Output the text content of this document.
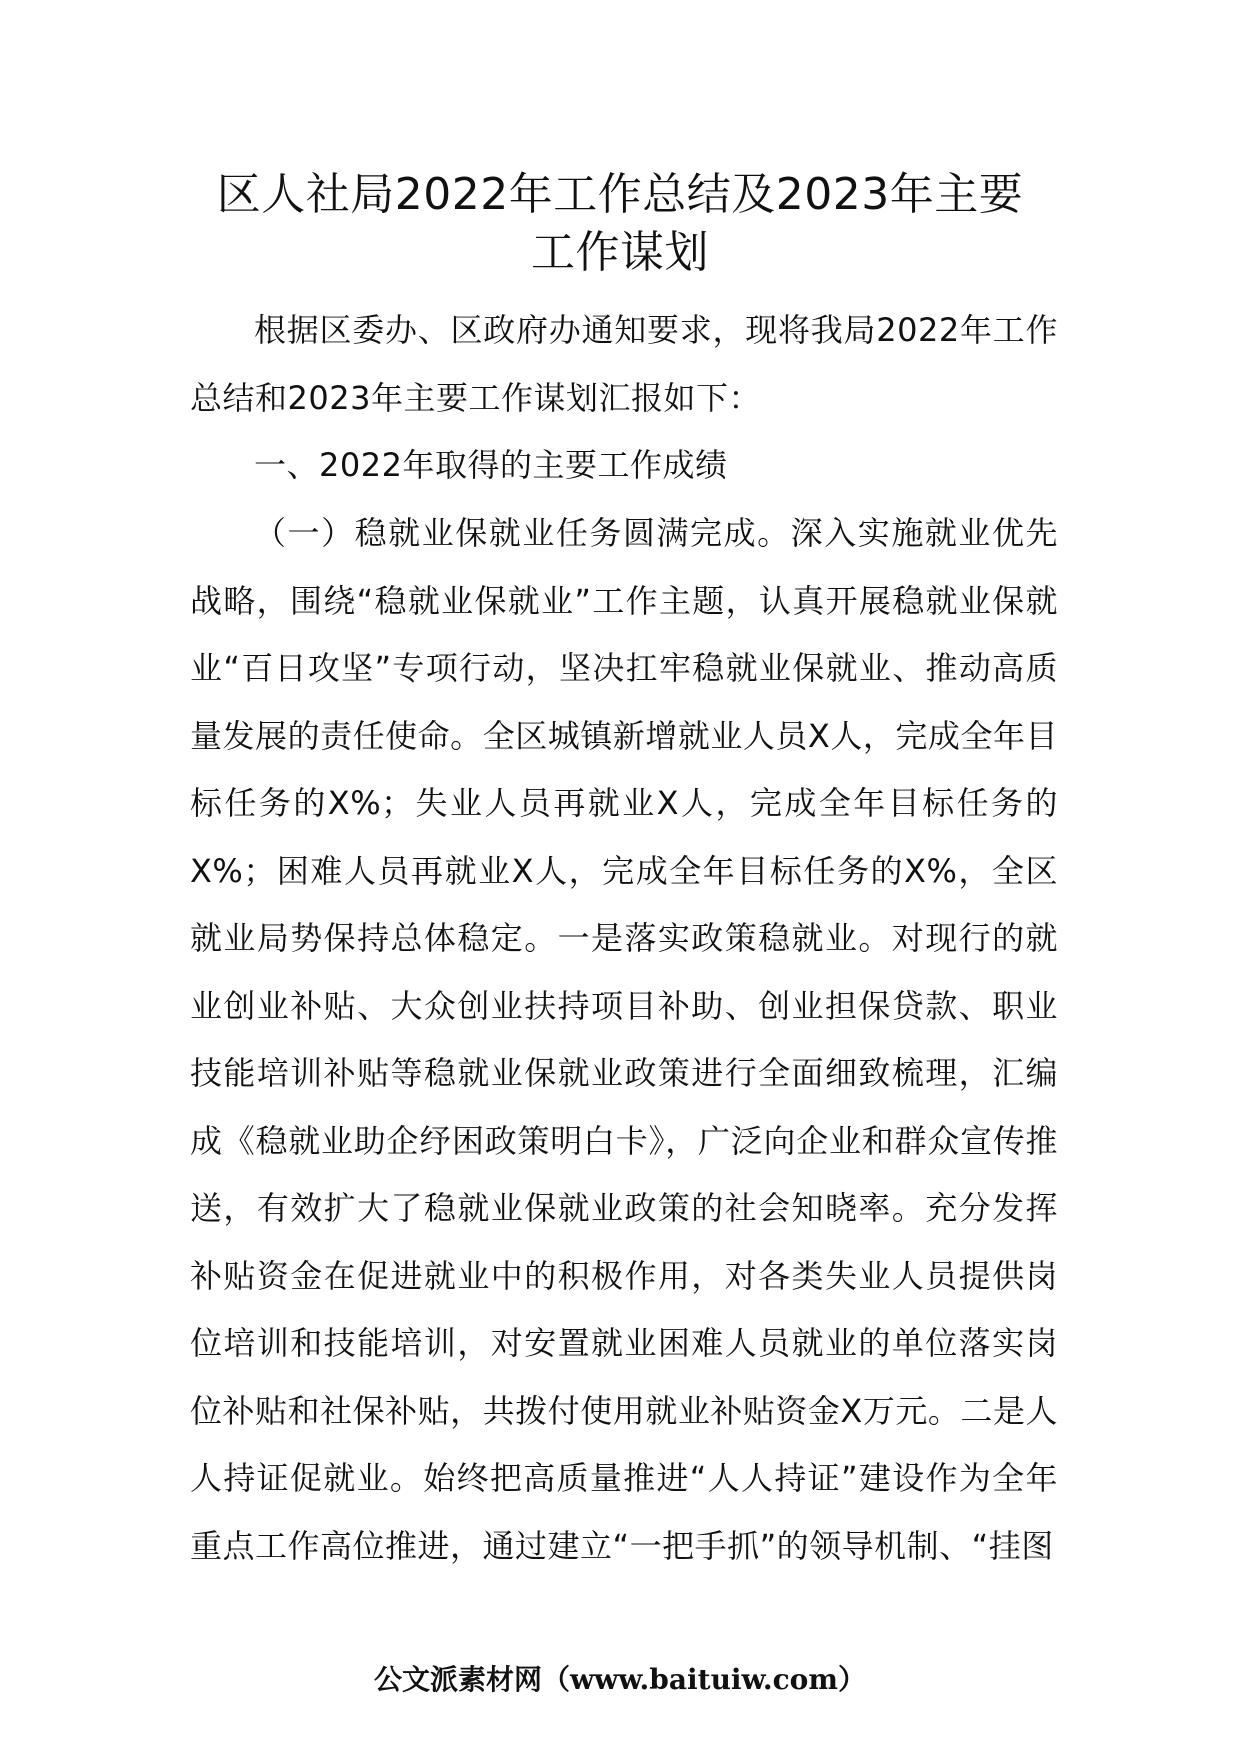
区人社局2022年工作总结及2023年主要
工作谋划

根据区委办、区政府办通知要求，现将我局2022年工作总结和2023年主要工作谋划汇报如下：

一、2022年取得的主要工作成绩

（一）稳就业保就业任务圆满完成。深入实施就业优先战略，围绕“稳就业保就业”工作主题，认真开展稳就业保就业“百日攻坚”专项行动，坚决扛牢稳就业保就业、推动高质量发展的责任使命。全区城镇新增就业人员X人，完成全年目标任务的X%；失业人员再就业X人，完成全年目标任务的X%；困难人员再就业X人，完成全年目标任务的X%，全区就业局势保持总体稳定。一是落实政策稳就业。对现行的就业创业补贴、大众创业扶持项目补助、创业担保贷款、职业技能培训补贴等稳就业保就业政策进行全面细致梳理，汇编成《稳就业助企纾困政策明白卡》，广泛向企业和群众宣传推送，有效扩大了稳就业保就业政策的社会知晓率。充分发挥补贴资金在促进就业中的积极作用，对各类失业人员提供岗位培训和技能培训，对安置就业困难人员就业的单位落实岗位补贴和社保补贴，共拨付使用就业补贴资金X万元。二是人人持证促就业。始终把高质量推进“人人持证”建设作为全年重点工作高位推进，通过建立“一把手抓”的领导机制、“挂图

公文派素材网（www.baituiw.com）
